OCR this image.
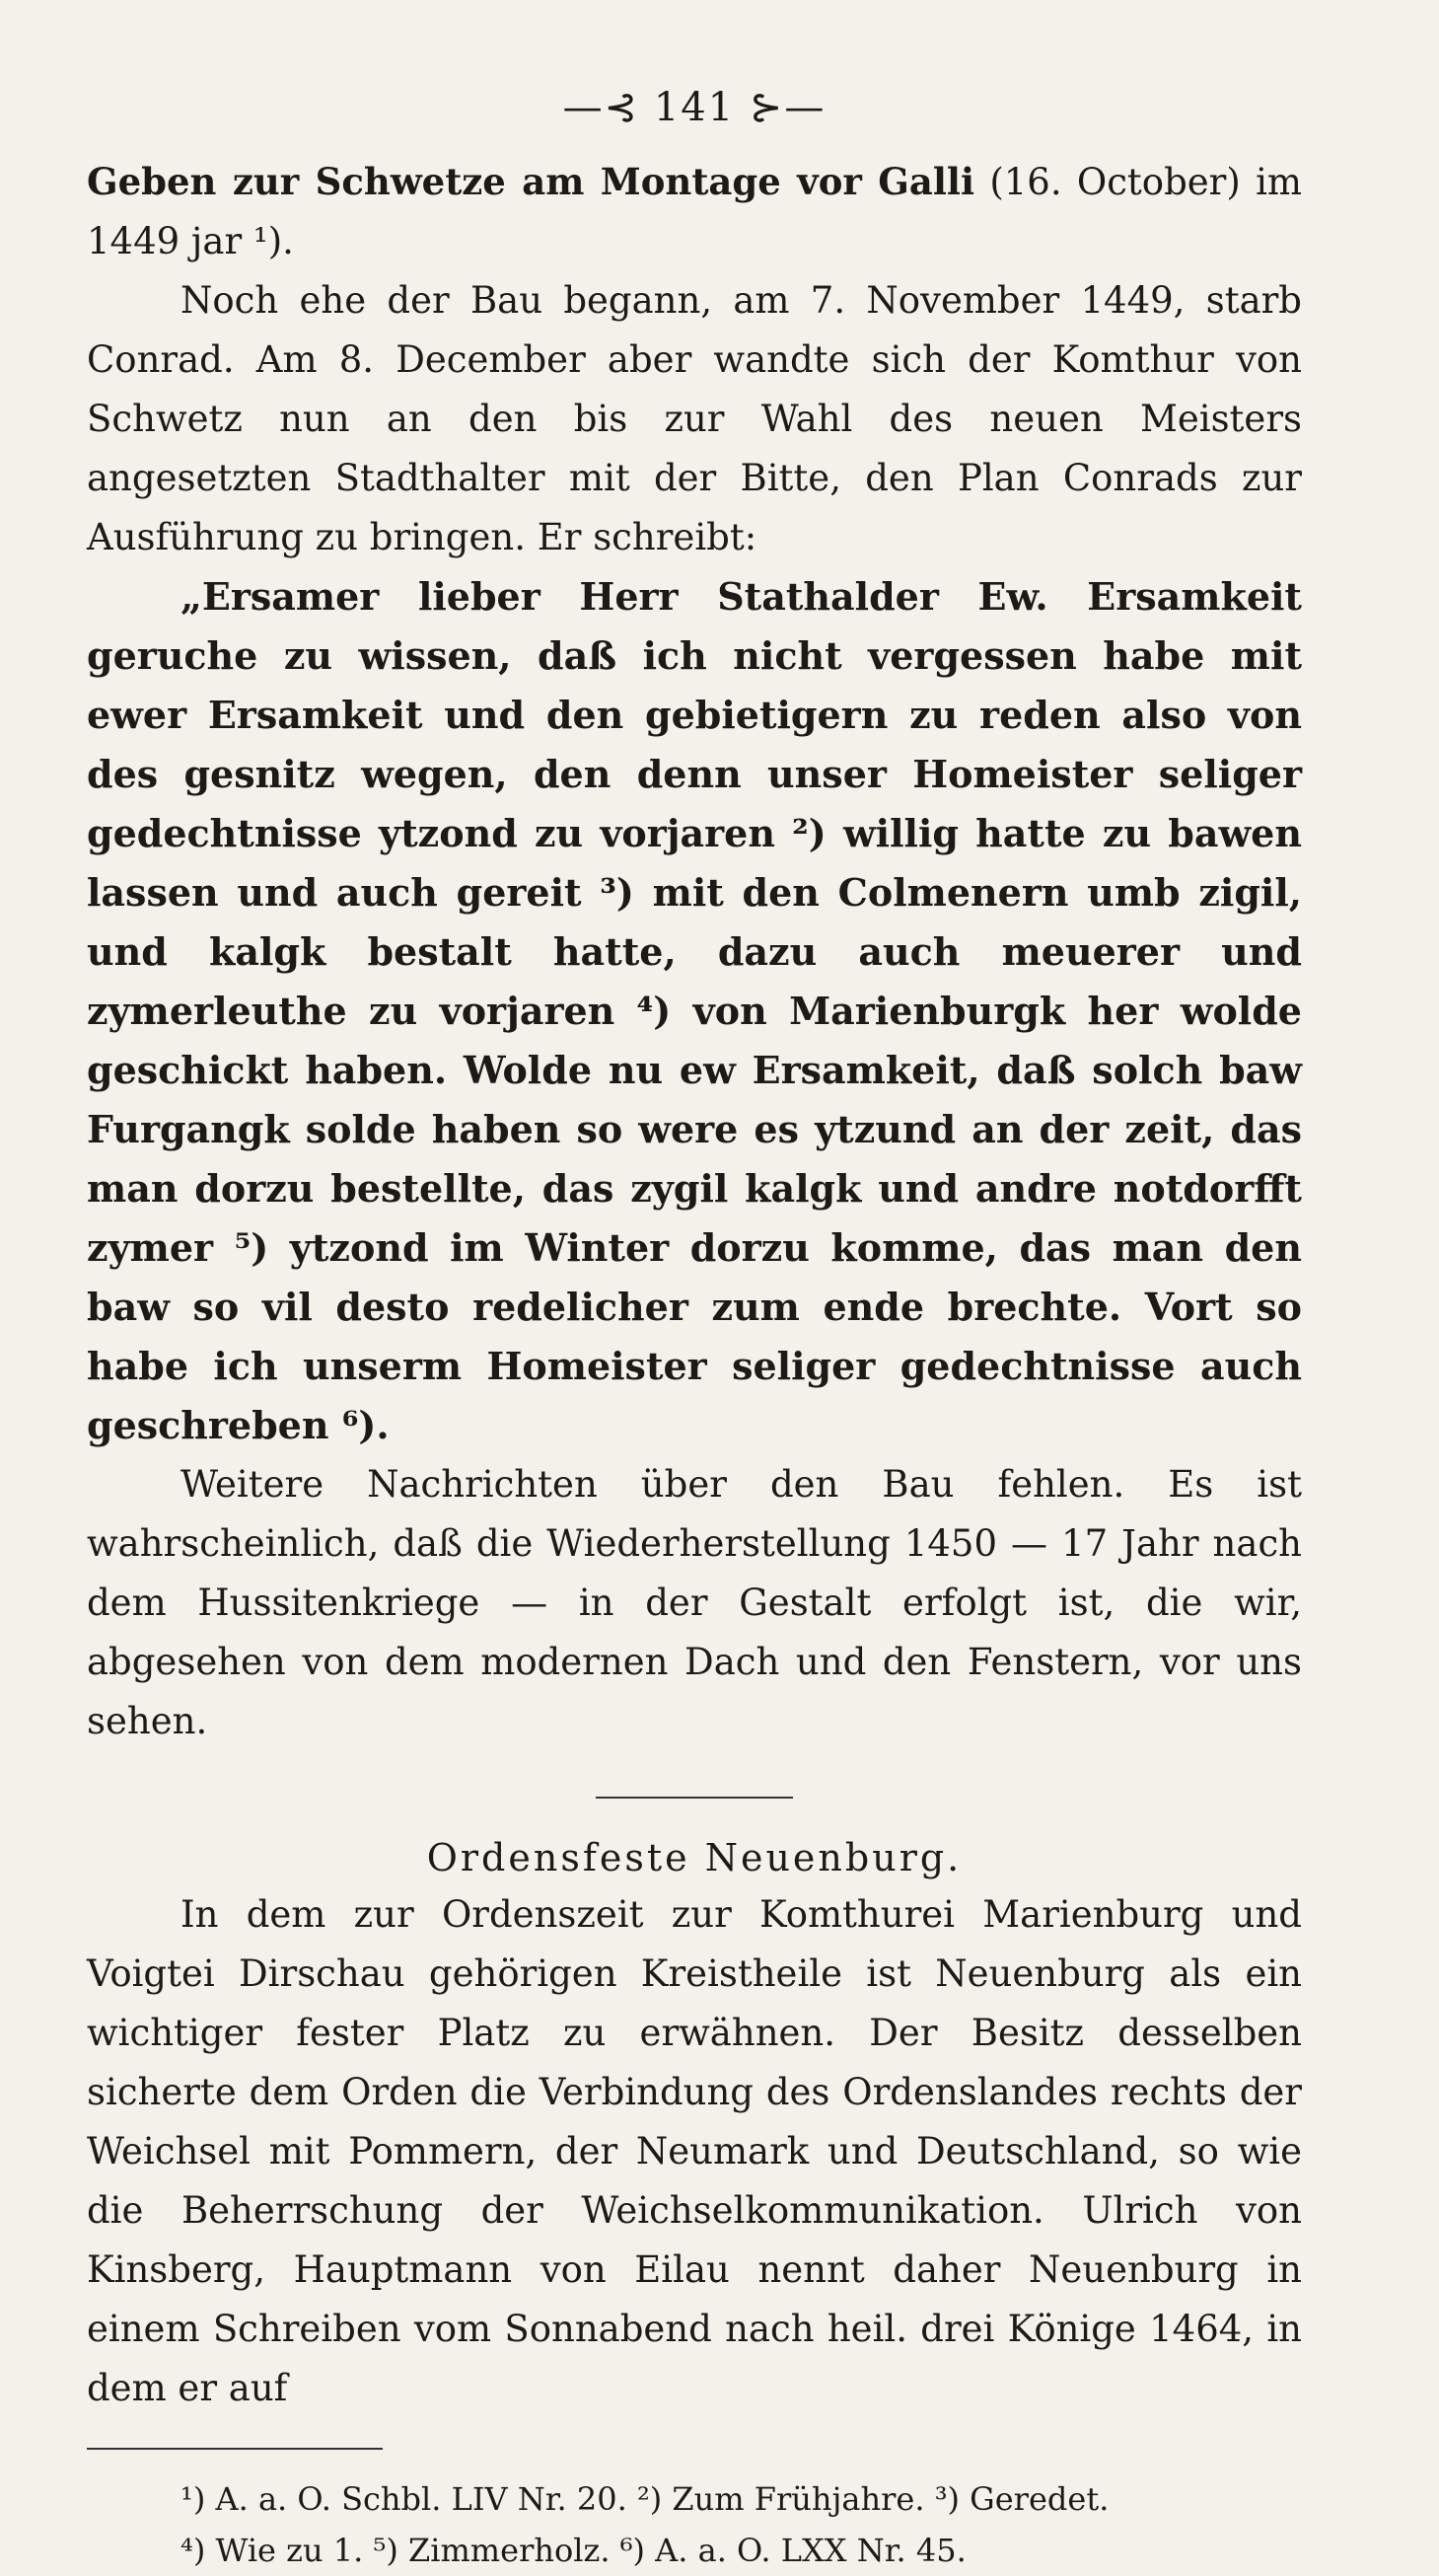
—⊰ 141 ⊱—

Geben zur Schwetze am Montage vor Galli (16. October) im 1449 jar ¹).

Noch ehe der Bau begann, am 7. November 1449, starb Conrad. Am 8. December aber wandte sich der Komthur von Schwetz nun an den bis zur Wahl des neuen Meisters angesetzten Stadthalter mit der Bitte, den Plan Conrads zur Ausführung zu bringen. Er schreibt:

„Ersamer lieber Herr Stathalder Ew. Ersamkeit geruche zu wissen, daß ich nicht vergessen habe mit ewer Ersamkeit und den gebietigern zu reden also von des gesnitz wegen, den denn unser Homeister seliger gedechtnisse ytzond zu vorjaren ²) willig hatte zu bawen lassen und auch gereit ³) mit den Colmenern umb zigil, und kalgk bestalt hatte, dazu auch meuerer und zymerleuthe zu vorjaren ⁴) von Marienburgk her wolde geschickt haben. Wolde nu ew Ersamkeit, daß solch baw Furgangk solde haben so were es ytzund an der zeit, das man dorzu bestellte, das zygil kalgk und andre notdorfft zymer ⁵) ytzond im Winter dorzu komme, das man den baw so vil desto redelicher zum ende brechte. Vort so habe ich unserm Homeister seliger gedechtnisse auch geschreben ⁶).

Weitere Nachrichten über den Bau fehlen. Es ist wahrscheinlich, daß die Wiederherstellung 1450 — 17 Jahr nach dem Hussitenkriege — in der Gestalt erfolgt ist, die wir, abgesehen von dem modernen Dach und den Fenstern, vor uns sehen.

Ordensfeste Neuenburg.

In dem zur Ordenszeit zur Komthurei Marienburg und Voigtei Dirschau gehörigen Kreistheile ist Neuenburg als ein wichtiger fester Platz zu erwähnen. Der Besitz desselben sicherte dem Orden die Verbindung des Ordenslandes rechts der Weichsel mit Pommern, der Neumark und Deutschland, so wie die Beherrschung der Weichselkommunikation. Ulrich von Kinsberg, Hauptmann von Eilau nennt daher Neuenburg in einem Schreiben vom Sonnabend nach heil. drei Könige 1464, in dem er auf

¹) A. a. O. Schbl. LIV Nr. 20. ²) Zum Frühjahre. ³) Geredet.

⁴) Wie zu 1. ⁵) Zimmerholz. ⁶) A. a. O. LXX Nr. 45.
